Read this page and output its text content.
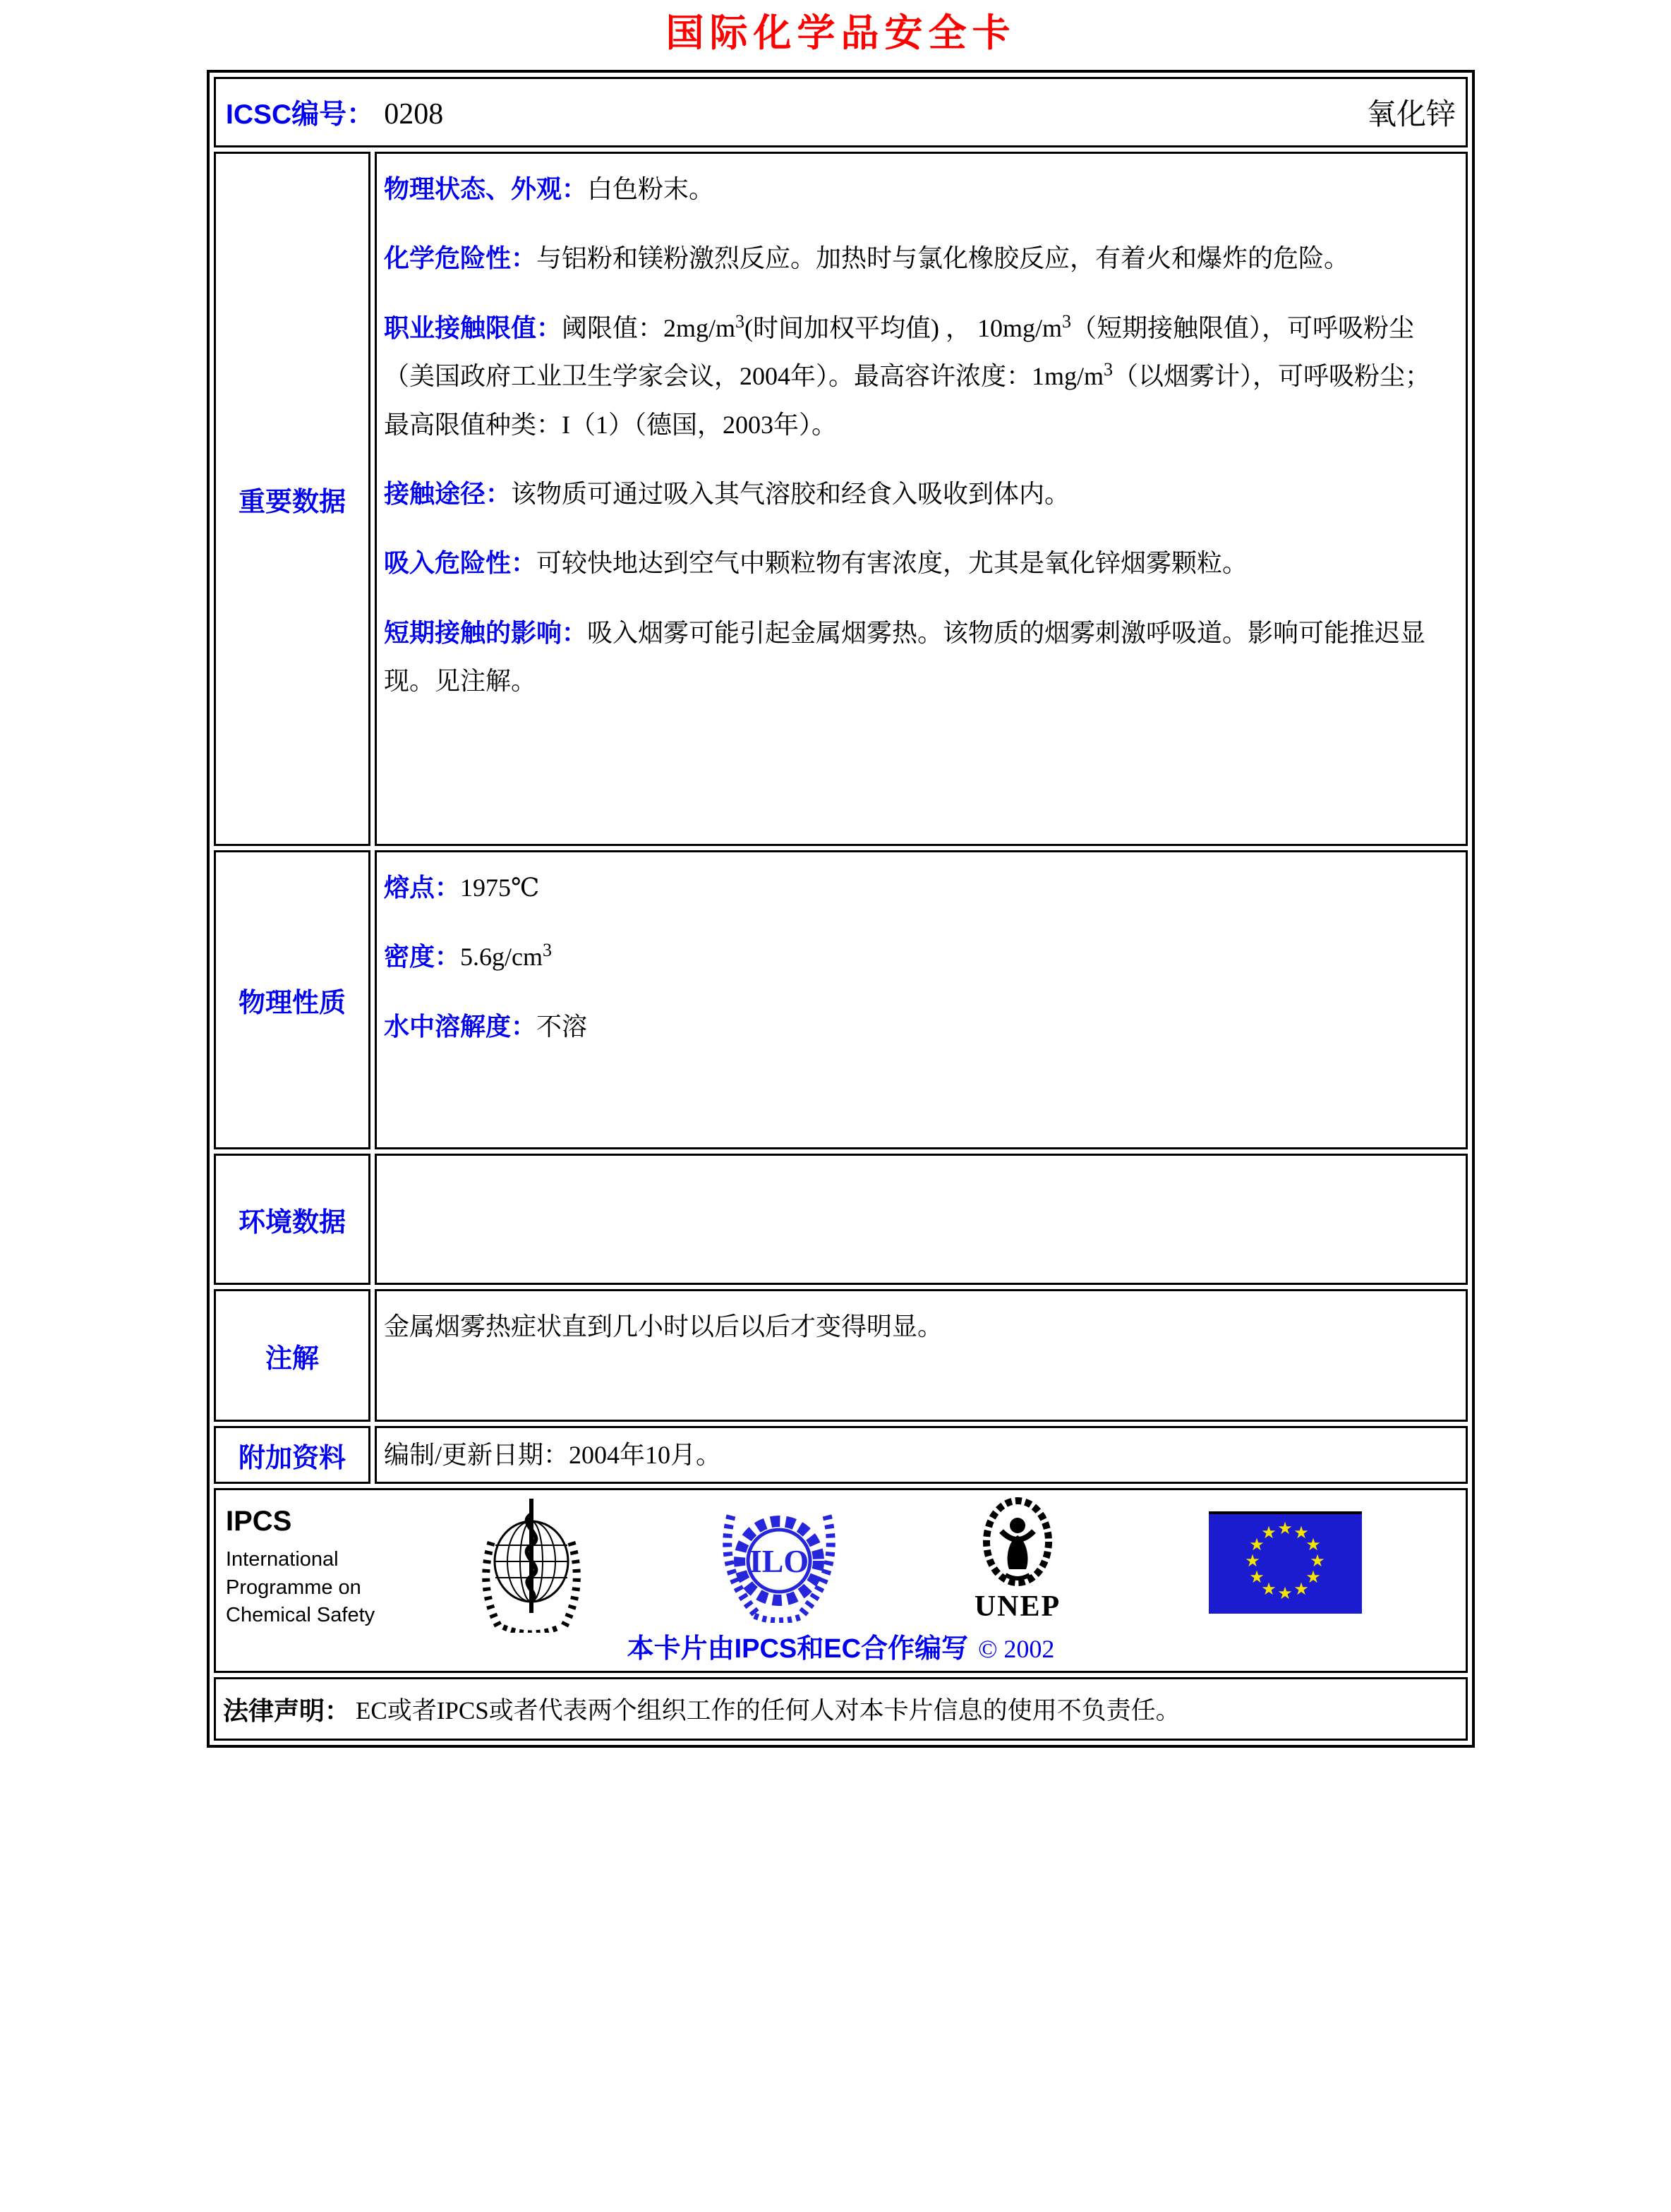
国际化学品安全卡
ICSC编号： 0208	氧化锌
重要数据

物理状态、外观：白色粉末。

化学危险性：与铝粉和镁粉激烈反应。加热时与氯化橡胶反应，有着火和爆炸的危险。

职业接触限值：阈限值：$2mg/m^3$(时间加权平均值) ， $10mg/m^3$（短期接触限值），可呼吸粉尘（美国政府工业卫生学家会议，2004年）。最高容许浓度：$1mg/m^3$（以烟雾计），可呼吸粉尘；最高限值种类：I（1）（德国，2003年）。

接触途径：该物质可通过吸入其气溶胶和经食入吸收到体内。

吸入危险性：可较快地达到空气中颗粒物有害浓度，尤其是氧化锌烟雾颗粒。

短期接触的影响：吸入烟雾可能引起金属烟雾热。该物质的烟雾刺激呼吸道。影响可能推迟显现。见注解。

物理性质

熔点：1975℃

密度：$5.6g/cm^3$

水中溶解度：不溶

环境数据
注解

金属烟雾热症状直到几小时以后以后才变得明显。

附加资料 编制/更新日期：2004年10月。

IPCS
International
Programme on
Chemical Safety
ILO
UNEP
★ ★
★
★
★
★
★
★
★
★
★
★
本卡片由IPCS和EC合作编写 © 2002
法律声明： EC或者IPCS或者代表两个组织工作的任何人对本卡片信息的使用不负责任。
